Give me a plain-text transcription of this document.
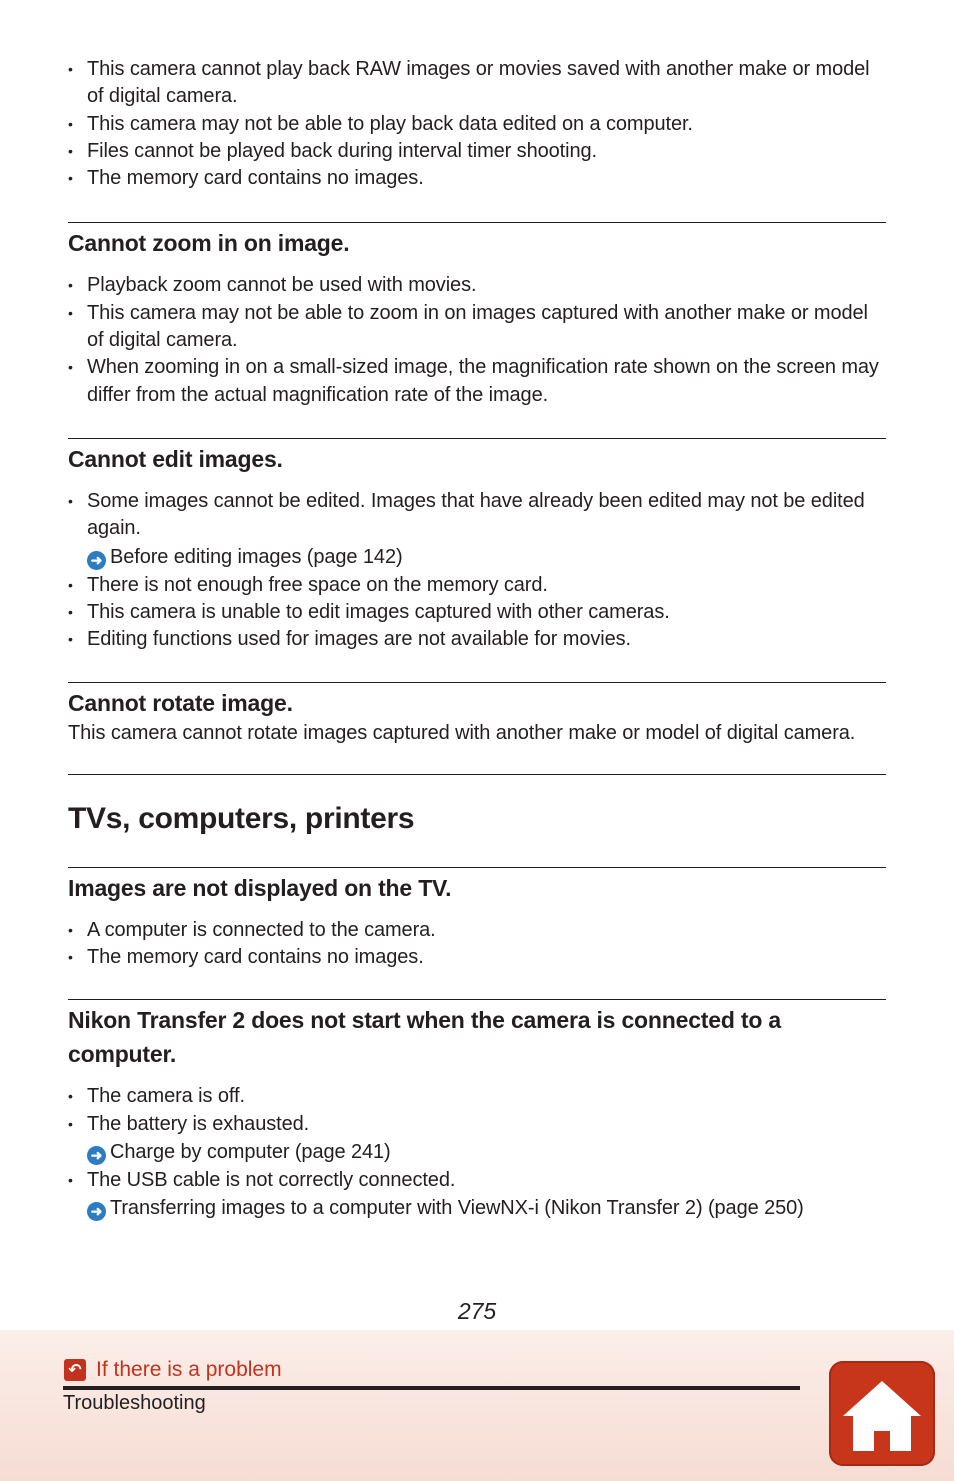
• This camera cannot play back RAW images or movies saved with another make or model of digital camera.
• This camera may not be able to play back data edited on a computer.
• Files cannot be played back during interval timer shooting.
• The memory card contains no images.
Cannot zoom in on image.
• Playback zoom cannot be used with movies.
• This camera may not be able to zoom in on images captured with another make or model of digital camera.
• When zooming in on a small-sized image, the magnification rate shown on the screen may differ from the actual magnification rate of the image.
Cannot edit images.
• Some images cannot be edited. Images that have already been edited may not be edited again.
➜ Before editing images (page 142)
• There is not enough free space on the memory card.
• This camera is unable to edit images captured with other cameras.
• Editing functions used for images are not available for movies.
Cannot rotate image.

This camera cannot rotate images captured with another make or model of digital camera.

TVs, computers, printers
Images are not displayed on the TV.
• A computer is connected to the camera.
• The memory card contains no images.
Nikon Transfer 2 does not start when the camera is connected to a computer.
• The camera is off.
• The battery is exhausted.
➜ Charge by computer (page 241)
• The USB cable is not correctly connected.
➜ Transferring images to a computer with ViewNX-i (Nikon Transfer 2) (page 250)
275
↶ If there is a problem
Troubleshooting
